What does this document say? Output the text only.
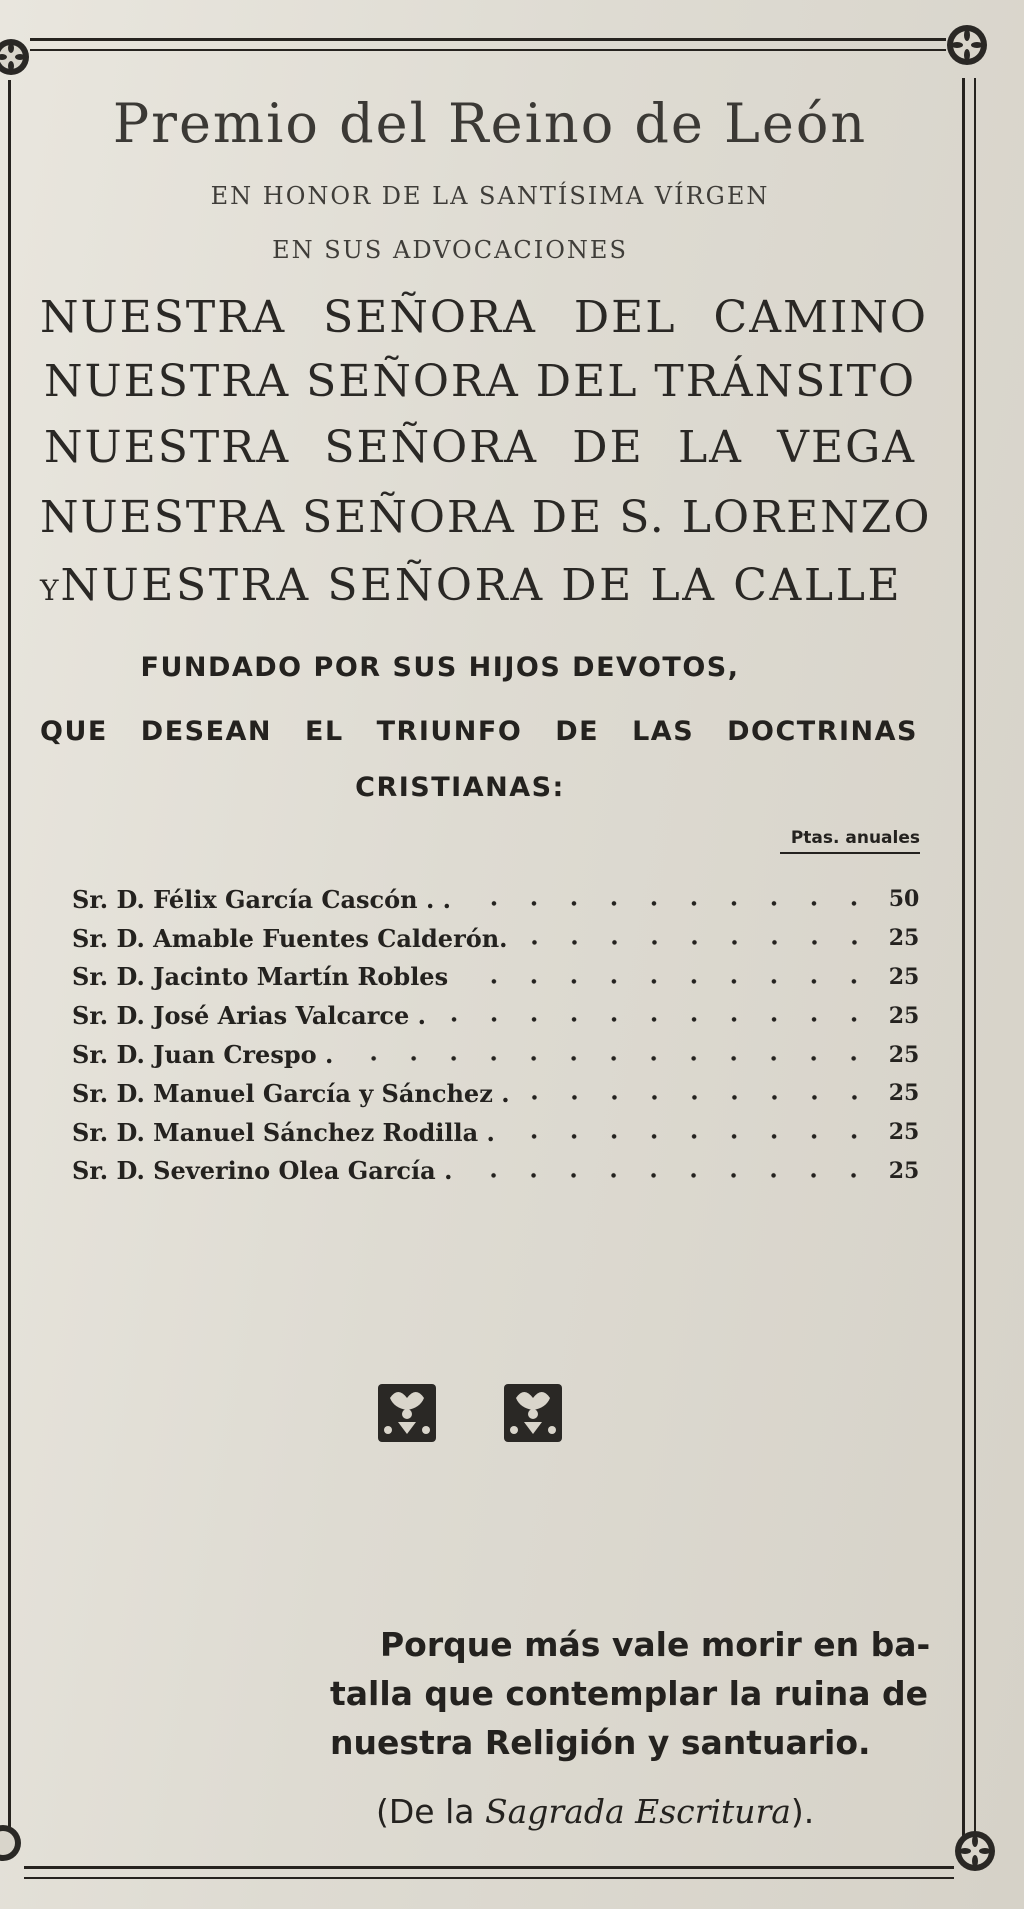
Premio del Reino de León
EN HONOR DE LA SANTÍSIMA VÍRGEN
EN SUS ADVOCACIONES
NUESTRA SEÑORA DEL CAMINO
NUESTRA SEÑORA DEL TRÁNSITO
NUESTRA SEÑORA DE LA VEGA
NUESTRA SEÑORA DE S. LORENZO
YNUESTRA SEÑORA DE LA CALLE
FUNDADO POR SUS HIJOS DEVOTOS,
QUE DESEAN EL TRIUNFO DE LAS DOCTRINAS
CRISTIANAS:
Ptas. anuales
Sr. D. Félix García Cascón . .	50
Sr. D. Amable Fuentes Calderón.	25
Sr. D. Jacinto Martín Robles	25
Sr. D. José Arias Valcarce .	25
Sr. D. Juan Crespo .	25
Sr. D. Manuel García y Sánchez .	25
Sr. D. Manuel Sánchez Rodilla .	25
Sr. D. Severino Olea García .	25
Porque más vale morir en ba-
talla que contemplar la ruina de
nuestra Religión y santuario.
(De la Sagrada Escritura).
